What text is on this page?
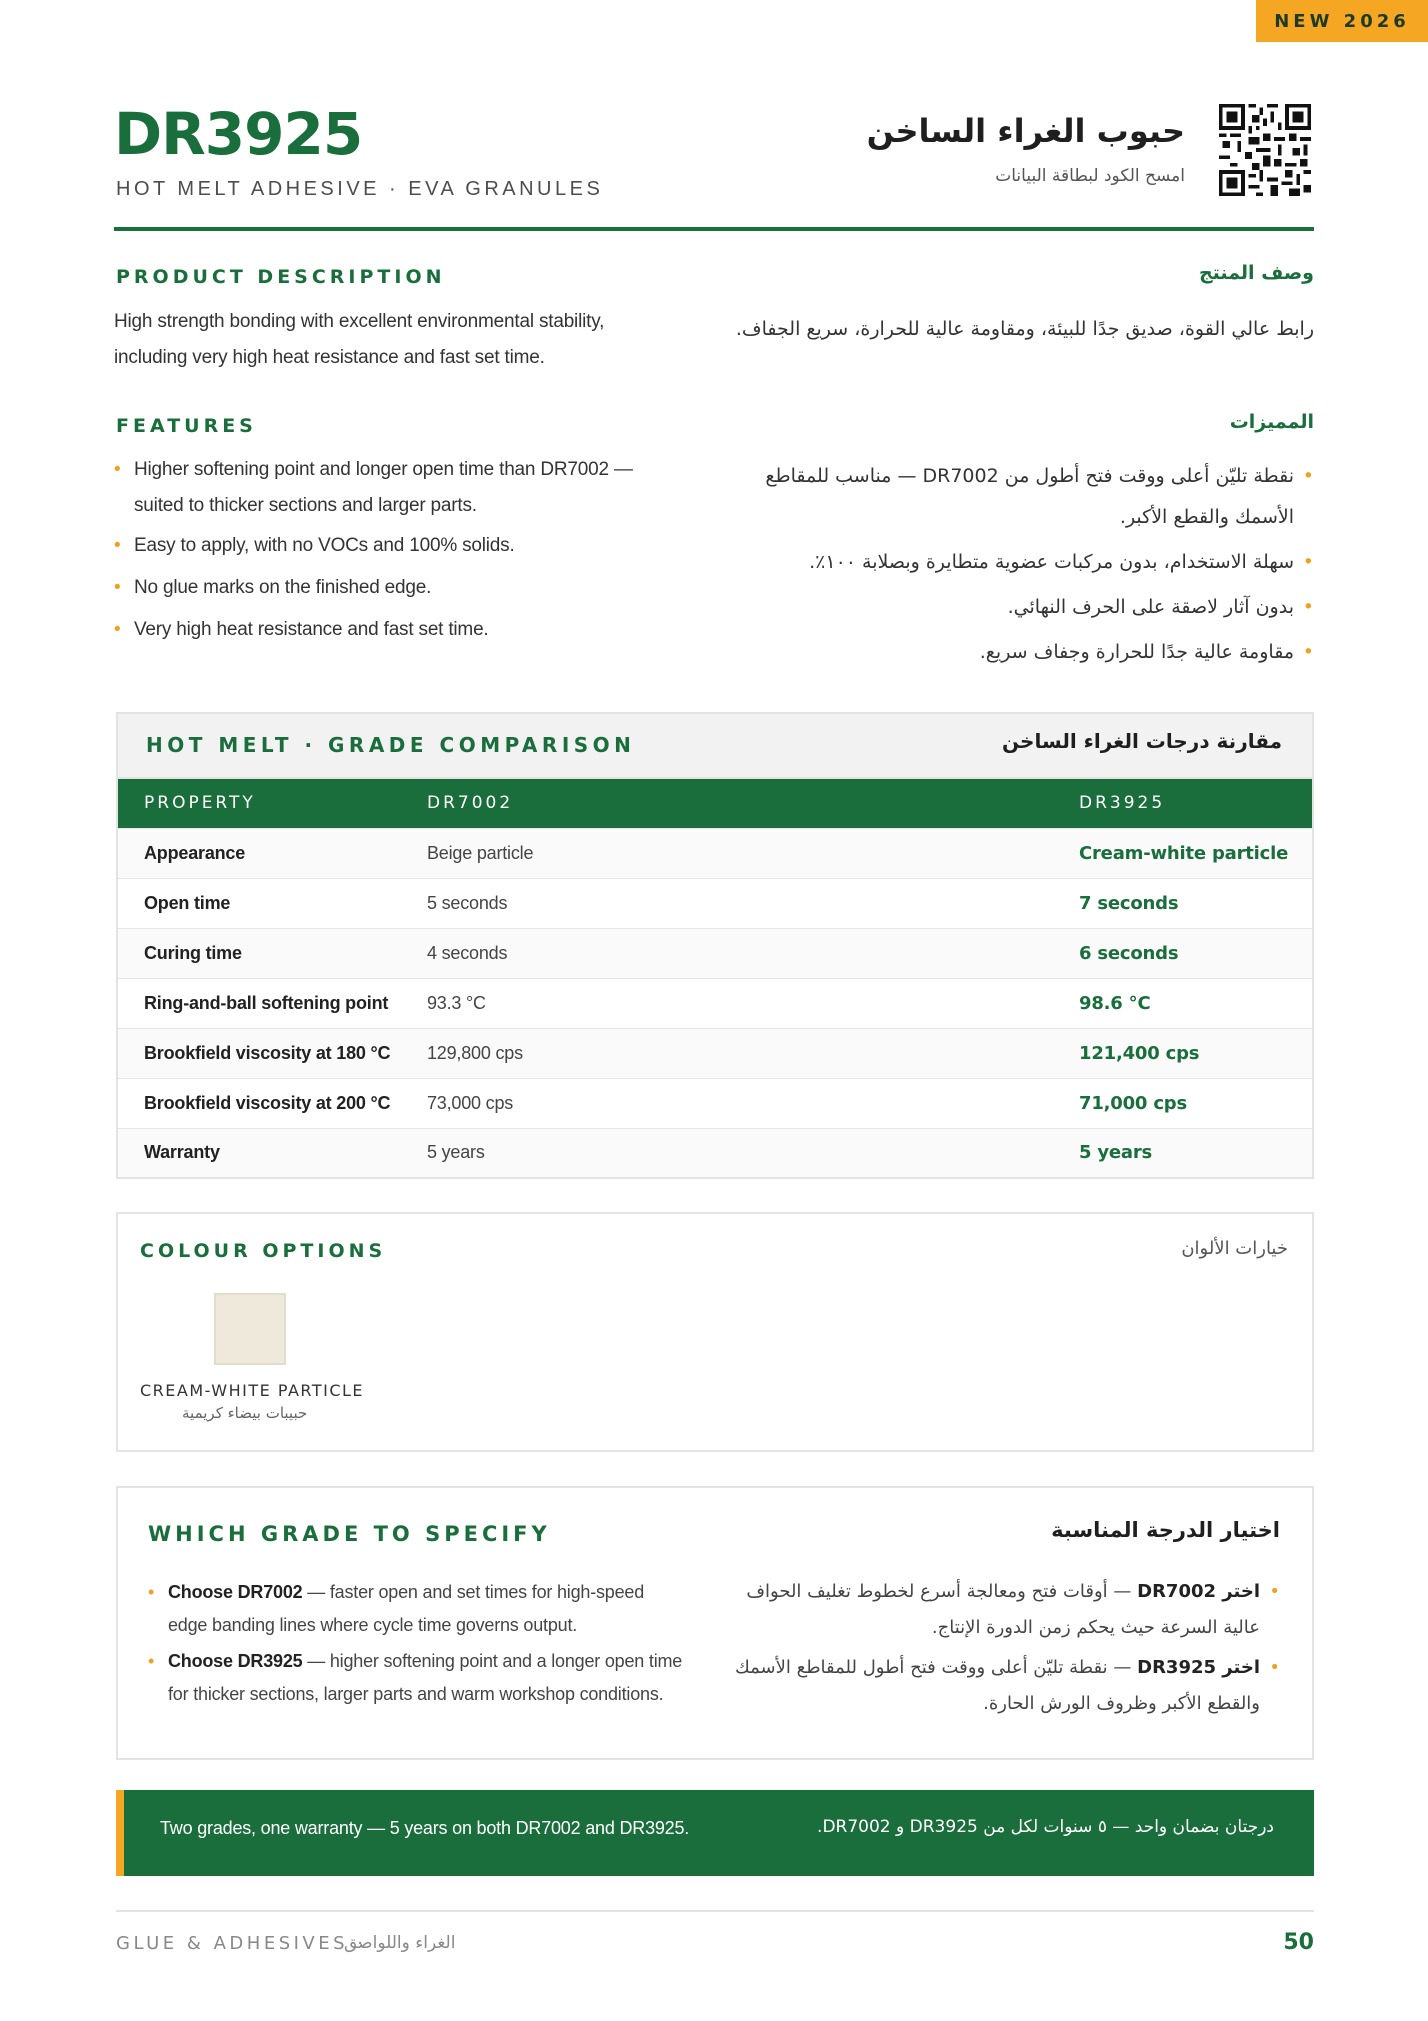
NEW 2026
DR3925
HOT MELT ADHESIVE · EVA GRANULES
حبوب الغراء الساخن
امسح الكود لبطاقة البيانات
PRODUCT DESCRIPTION	وصف المنتج
High strength bonding with excellent environmental stability, including very high heat resistance and fast set time.
رابط عالي القوة، صديق جدًا للبيئة، ومقاومة عالية للحرارة، سريع الجفاف.
FEATURES	المميزات
• Higher softening point and longer open time than DR7002 — suited to thicker sections and larger parts.
• Easy to apply, with no VOCs and 100% solids.
• No glue marks on the finished edge.
• Very high heat resistance and fast set time.
• نقطة تليّن أعلى ووقت فتح أطول من DR7002 — مناسب للمقاطع الأسمك والقطع الأكبر.
• سهلة الاستخدام، بدون مركبات عضوية متطايرة وبصلابة ١٠٠٪.
• بدون آثار لاصقة على الحرف النهائي.
• مقاومة عالية جدًا للحرارة وجفاف سريع.
HOT MELT · GRADE COMPARISON	مقارنة درجات الغراء الساخن
PROPERTY	DR7002	DR3925
Appearance	Beige particle	Cream-white particle
Open time	5 seconds	7 seconds
Curing time	4 seconds	6 seconds
Ring-and-ball softening point	93.3 °C	98.6 °C
Brookfield viscosity at 180 °C	129,800 cps	121,400 cps
Brookfield viscosity at 200 °C	73,000 cps	71,000 cps
Warranty	5 years	5 years
COLOUR OPTIONS	خيارات الألوان
CREAM-WHITE PARTICLE
حبيبات بيضاء كريمية
WHICH GRADE TO SPECIFY	اختيار الدرجة المناسبة
• Choose DR7002 — faster open and set times for high-speed edge banding lines where cycle time governs output.
• Choose DR3925 — higher softening point and a longer open time for thicker sections, larger parts and warm workshop conditions.
• اختر DR7002 — أوقات فتح ومعالجة أسرع لخطوط تغليف الحواف عالية السرعة حيث يحكم زمن الدورة الإنتاج.
• اختر DR3925 — نقطة تليّن أعلى ووقت فتح أطول للمقاطع الأسمك والقطع الأكبر وظروف الورش الحارة.
Two grades, one warranty — 5 years on both DR7002 and DR3925.	درجتان بضمان واحد — ٥ سنوات لكل من DR3925 و DR7002.
GLUE & ADHESIVES ·
الغراء واللواصق	50
